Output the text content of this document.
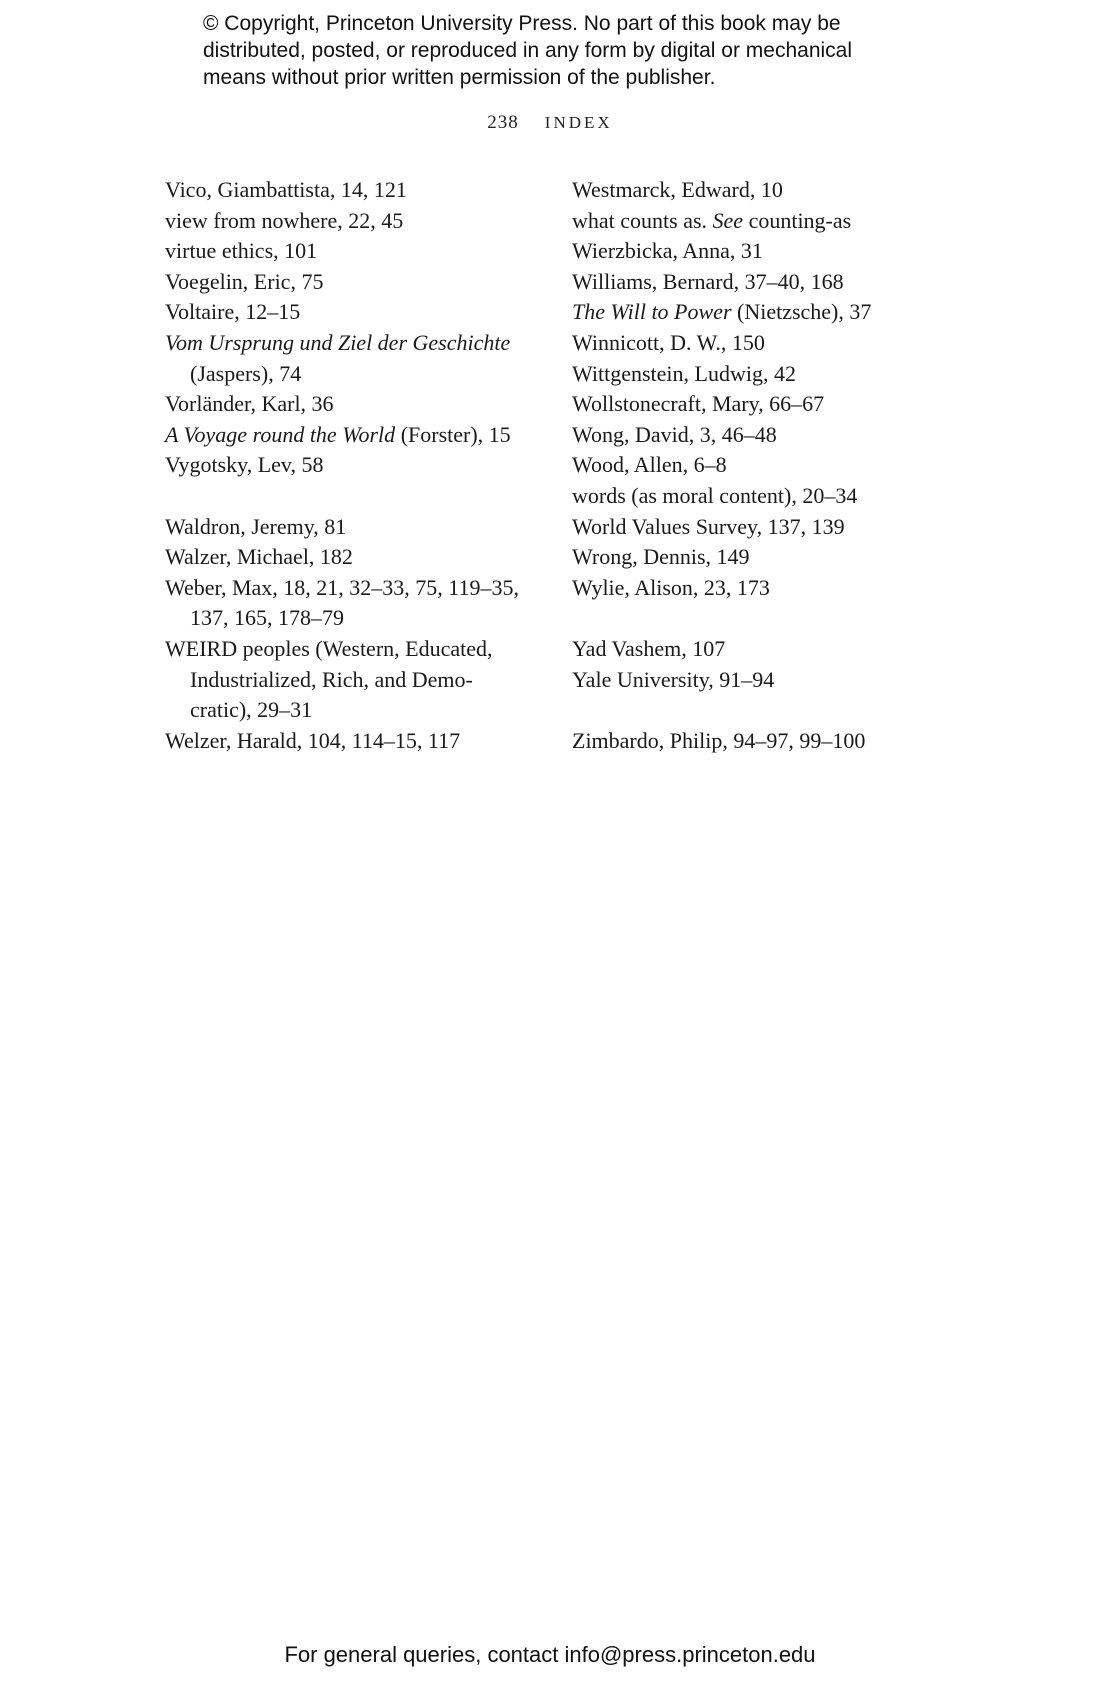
© Copyright, Princeton University Press. No part of this book may be
distributed, posted, or reproduced in any form by digital or mechanical
means without prior written permission of the publisher.
238 INDEX
Vico, Giambattista, 14, 121
view from nowhere, 22, 45
virtue ethics, 101
Voegelin, Eric, 75
Voltaire, 12–15
Vom Ursprung und Ziel der Geschichte
(Jaspers), 74
Vorländer, Karl, 36
A Voyage round the World (Forster), 15
Vygotsky, Lev, 58
Waldron, Jeremy, 81
Walzer, Michael, 182
Weber, Max, 18, 21, 32–33, 75, 119–35,
137, 165, 178–79
WEIRD peoples (Western, Educated,
Industrialized, Rich, and Demo-
cratic), 29–31
Welzer, Harald, 104, 114–15, 117
Westmarck, Edward, 10
what counts as. See counting-as
Wierzbicka, Anna, 31
Williams, Bernard, 37–40, 168
The Will to Power (Nietzsche), 37
Winnicott, D. W., 150
Wittgenstein, Ludwig, 42
Wollstonecraft, Mary, 66–67
Wong, David, 3, 46–48
Wood, Allen, 6–8
words (as moral content), 20–34
World Values Survey, 137, 139
Wrong, Dennis, 149
Wylie, Alison, 23, 173
Yad Vashem, 107
Yale University, 91–94
Zimbardo, Philip, 94–97, 99–100
For general queries, contact info@press.princeton.edu
